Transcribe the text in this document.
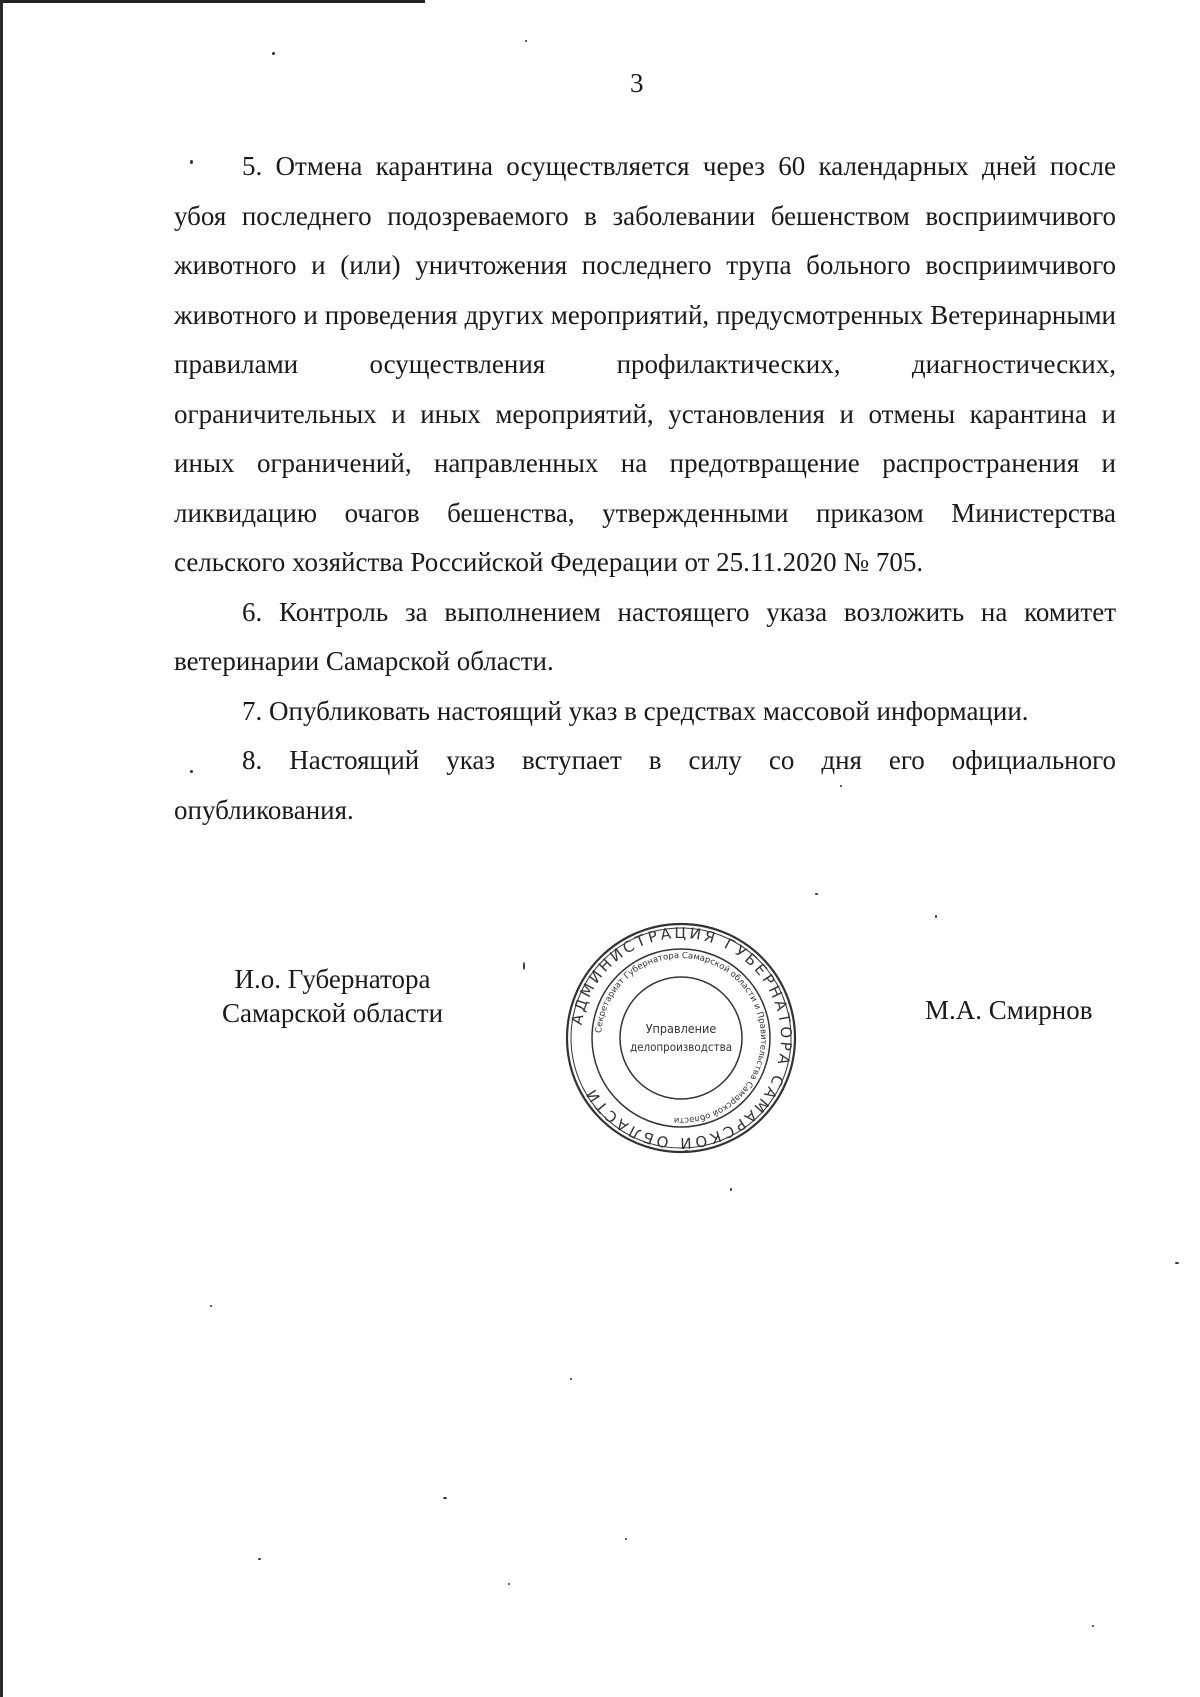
3

5. Отмена карантина осуществляется через 60 календарных дней после убоя последнего подозреваемого в заболевании бешенством восприимчивого животного и (или) уничтожения последнего трупа больного восприимчивого животного и проведения других мероприятий, предусмотренных Ветеринарными правилами осуществления профилактических, диагностических, ограничительных и иных мероприятий, установления и отмены карантина и иных ограничений, направленных на предотвращение распространения и ликвидацию очагов бешенства, утвержденными приказом Министерства сельского хозяйства Российской Федерации от 25.11.2020 № 705.

6. Контроль за выполнением настоящего указа возложить на комитет ветеринарии Самарской области.

7. Опубликовать настоящий указ в средствах массовой информации.

8. Настоящий указ вступает в силу со дня его официального опубликования.

И.о. Губернатора
Самарской области	АДМИНИСТРАЦИЯ ГУБЕРНАТОРА САМАРСКОЙ ОБЛАСТИ
Секретариат Губернатора Самарской области и Правительства Самарской области
Управление
делопроизводства
М.А. Смирнов
